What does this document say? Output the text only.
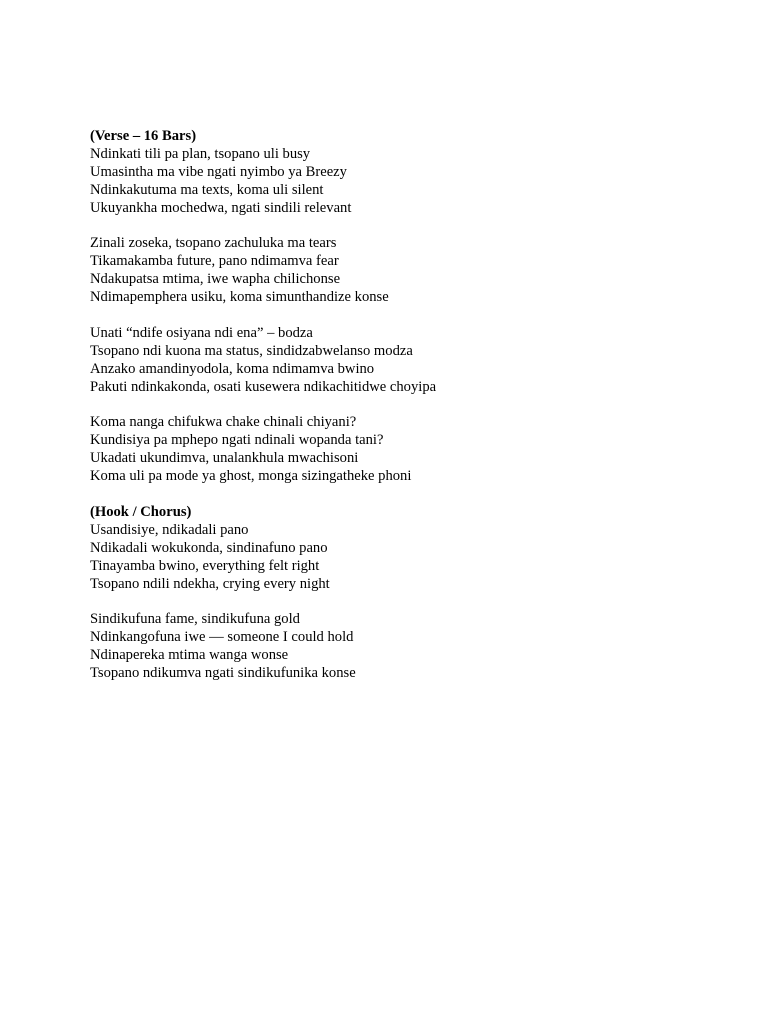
(Verse – 16 Bars)

Ndinkati tili pa plan, tsopano uli busy

Umasintha ma vibe ngati nyimbo ya Breezy

Ndinkakutuma ma texts, koma uli silent

Ukuyankha mochedwa, ngati sindili relevant

Zinali zoseka, tsopano zachuluka ma tears

Tikamakamba future, pano ndimamva fear

Ndakupatsa mtima, iwe wapha chilichonse

Ndimapemphera usiku, koma simunthandize konse

Unati “ndife osiyana ndi ena” – bodza

Tsopano ndi kuona ma status, sindidzabwelanso modza

Anzako amandinyodola, koma ndimamva bwino

Pakuti ndinkakonda, osati kusewera ndikachitidwe choyipa

Koma nanga chifukwa chake chinali chiyani?

Kundisiya pa mphepo ngati ndinali wopanda tani?

Ukadati ukundimva, unalankhula mwachisoni

Koma uli pa mode ya ghost, monga sizingatheke phoni

(Hook / Chorus)

Usandisiye, ndikadali pano

Ndikadali wokukonda, sindinafuno pano

Tinayamba bwino, everything felt right

Tsopano ndili ndekha, crying every night

Sindikufuna fame, sindikufuna gold

Ndinkangofuna iwe — someone I could hold

Ndinapereka mtima wanga wonse

Tsopano ndikumva ngati sindikufunika konse
